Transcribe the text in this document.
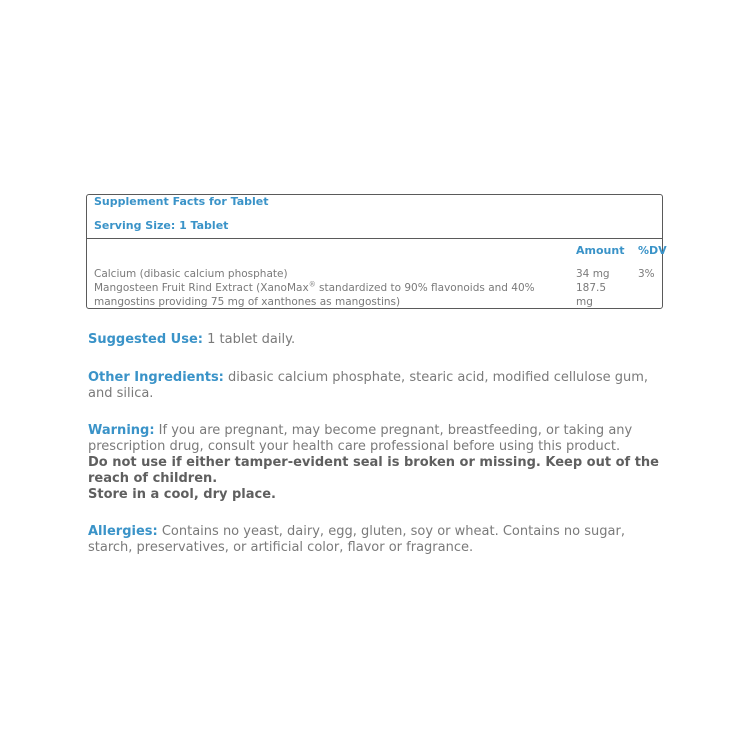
Supplement Facts for Tablet
Serving Size: 1 Tablet
Amount %DV
Calcium (dibasic calcium phosphate)	34 mg	3%
Mangosteen Fruit Rind Extract (XanoMax® standardized to 90% flavonoids and 40%
mangostins providing 75 mg of xanthones as mangostins)
187.5
mg
Suggested Use: 1 tablet daily.
Other Ingredients: dibasic calcium phosphate, stearic acid, modified cellulose gum, and silica.
Warning: If you are pregnant, may become pregnant, breastfeeding, or taking any prescription drug, consult your health care professional before using this product.
Do not use if either tamper-evident seal is broken or missing. Keep out of the reach of children.
Store in a cool, dry place.
Allergies: Contains no yeast, dairy, egg, gluten, soy or wheat. Contains no sugar, starch, preservatives, or artificial color, flavor or fragrance.
